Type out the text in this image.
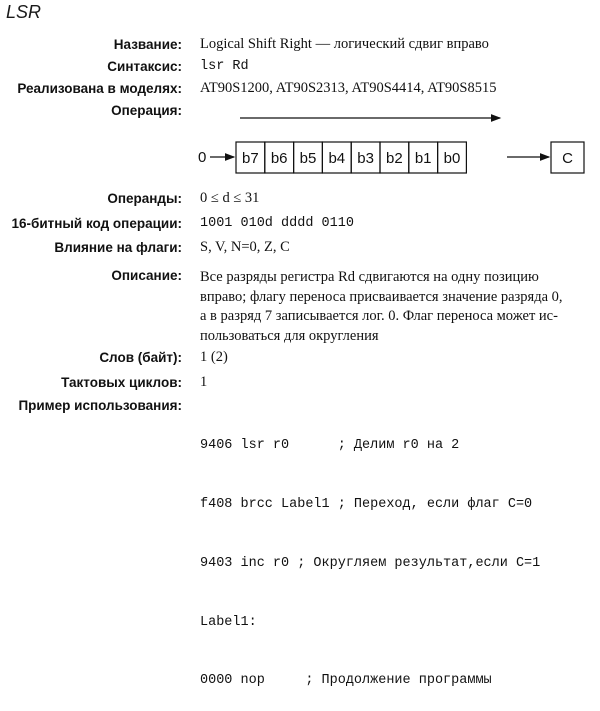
LSR
Название: Logical Shift Right — логический сдвиг вправо
Синтаксис: lsr Rd
Реализована в моделях: AT90S1200, AT90S2313, AT90S4414, AT90S8515
Операция:
0 b7 b6 b5 b4 b3 b2 b1 b0	C
Операнды: 0 ≤ d ≤ 31
16-битный код операции: 1001 010d dddd 0110
Влияние на флаги: S, V, N=0, Z, C
Описание: Все разряды регистра Rd сдвигаются на одну позицию
вправо; флагу переноса присваивается значение разряда 0,
а в разряд 7 записывается лог. 0. Флаг переноса может ис-
пользоваться для округления
Слов (байт): 1 (2)
Тактовых циклов: 1
Пример использования:

9406 lsr r0      ; Делим r0 на 2

f408 brcc Label1 ; Переход, если флаг C=0

9403 inc r0 ; Округляем результат,если C=1

Label1:

0000 nop     ; Продолжение программы
